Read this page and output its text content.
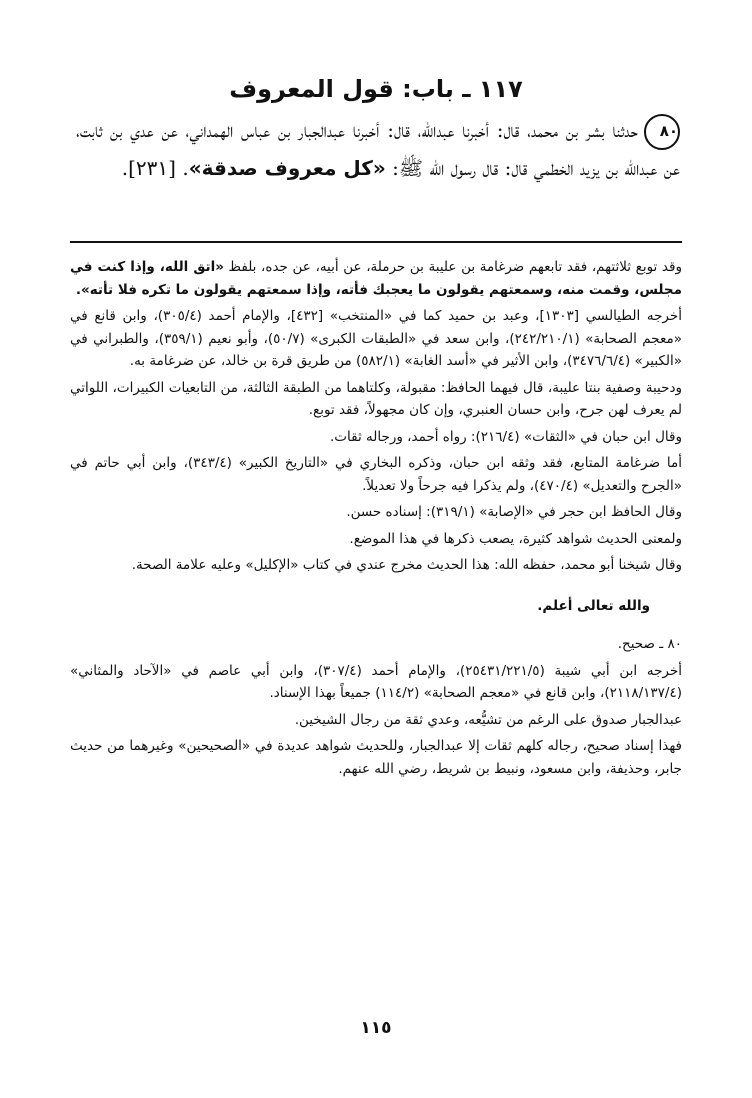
١١٧ ـ باب: قول المعروف
٨٠حدثنا بشر بن محمد، قال: أخبرنا عبدالله، قال: أخبرنا عبدالجبار بن عباس الهمداني، عن عدي بن ثابت، عن عبدالله بن يزيد الخطمي قال: قال رسول الله ﷺ: «كل معروف صدقة». [٢٣١].

وقد توبع ثلاثتهم، فقد تابعهم ضرغامة بن عليبة بن حرملة، عن أبيه، عن جده، بلفظ «اتق الله، وإذا كنت في مجلس، وقمت منه، وسمعتهم يقولون ما يعجبك فأته، وإذا سمعتهم يقولون ما تكره فلا تأته».

أخرجه الطيالسي [١٣٠٣]، وعبد بن حميد كما في «المنتخب» [٤٣٢]، والإمام أحمد (٣٠٥/٤)، وابن قانع في «معجم الصحابة» (٢٤٢/٢١٠/١)، وابن سعد في «الطبقات الكبرى» (٥٠/٧)، وأبو نعيم (٣٥٩/١)، والطبراني في «الكبير» (٣٤٧٦/٦/٤)، وابن الأثير في «أسد الغابة» (٥٨٢/١) من طريق قرة بن خالد، عن ضرغامة به.

ودحيبة وصفية بنتا عليبة، قال فيهما الحافظ: مقبولة، وكلتاهما من الطبقة الثالثة، من التابعيات الكبيرات، اللواتي لم يعرف لهن جرح، وابن حسان العنبري، وإن كان مجهولاً، فقد توبع.

وقال ابن حبان في «الثقات» (٢١٦/٤): رواه أحمد، ورجاله ثقات.

أما ضرغامة المتابع، فقد وثقه ابن حبان، وذكره البخاري في «التاريخ الكبير» (٣٤٣/٤)، وابن أبي حاتم في «الجرح والتعديل» (٤٧٠/٤)، ولم يذكرا فيه جرحاً ولا تعديلاً.

وقال الحافظ ابن حجر في «الإصابة» (٣١٩/١): إسناده حسن.

ولمعنى الحديث شواهد كثيرة، يصعب ذكرها في هذا الموضع.

وقال شيخنا أبو محمد، حفظه الله: هذا الحديث مخرج عندي في كتاب «الإكليل» وعليه علامة الصحة.

والله تعالى أعلم.

٨٠ ـ صحيح.

أخرجه ابن أبي شيبة (٢٥٤٣١/٢٢١/٥)، والإمام أحمد (٣٠٧/٤)، وابن أبي عاصم في «الآحاد والمثاني» (٢١١٨/١٣٧/٤)، وابن قانع في «معجم الصحابة» (١١٤/٢) جميعاً بهذا الإسناد.

عبدالجبار صدوق على الرغم من تشيُّعه، وعدي ثقة من رجال الشيخين.

فهذا إسناد صحيح، رجاله كلهم ثقات إلا عبدالجبار، وللحديث شواهد عديدة في «الصحيحين» وغيرهما من حديث جابر، وحذيفة، وابن مسعود، ونبيط بن شريط، رضي الله عنهم.

١١٥
